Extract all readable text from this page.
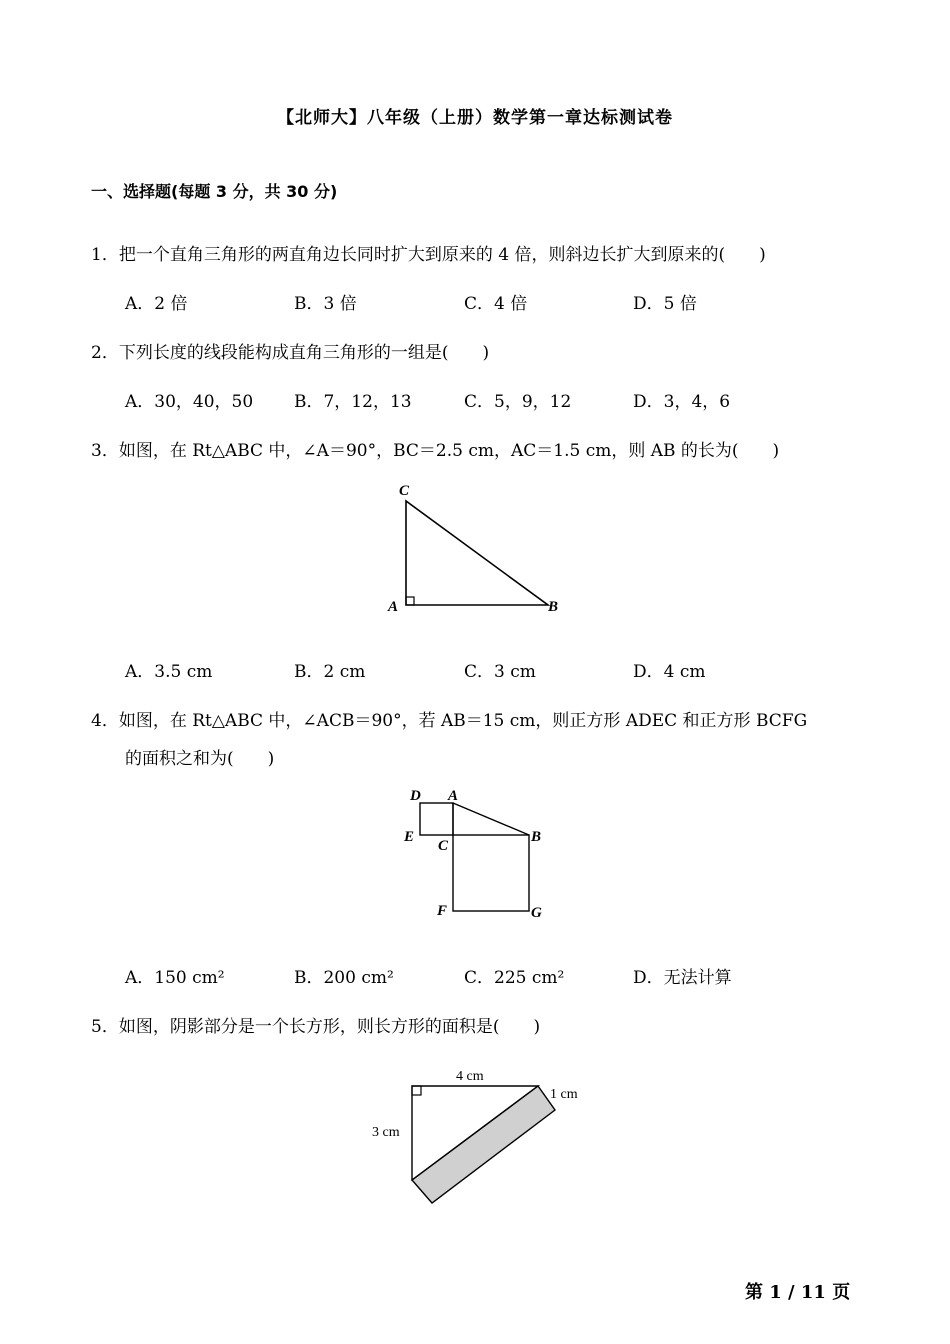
【北师大】八年级（上册）数学第一章达标测试卷
一、选择题(每题 3 分，共 30 分)
1．把一个直角三角形的两直角边长同时扩大到原来的 4 倍，则斜边长扩大到原来的(　　)
A．2 倍	B．3 倍	C．4 倍	D．5 倍
2．下列长度的线段能构成直角三角形的一组是(　　)
A．30，40，50 B．7，12，13	C．5，9，12	D．3，4，6
3．如图，在 Rt△ABC 中，∠A＝90°，BC＝2.5 cm，AC＝1.5 cm，则 AB 的长为(　　)
C
A	B
A．3.5 cm	B．2 cm	C．3 cm	D．4 cm
4．如图，在 Rt△ABC 中，∠ACB＝90°，若 AB＝15 cm，则正方形 ADEC 和正方形 BCFG
的面积之和为(　　)
D A
E
C
B
F	G
A．150 cm²	B．200 cm²	C．225 cm²	D．无法计算
5．如图，阴影部分是一个长方形，则长方形的面积是(　　)
4 cm
3 cm
1 cm
第 1 / 11 页
